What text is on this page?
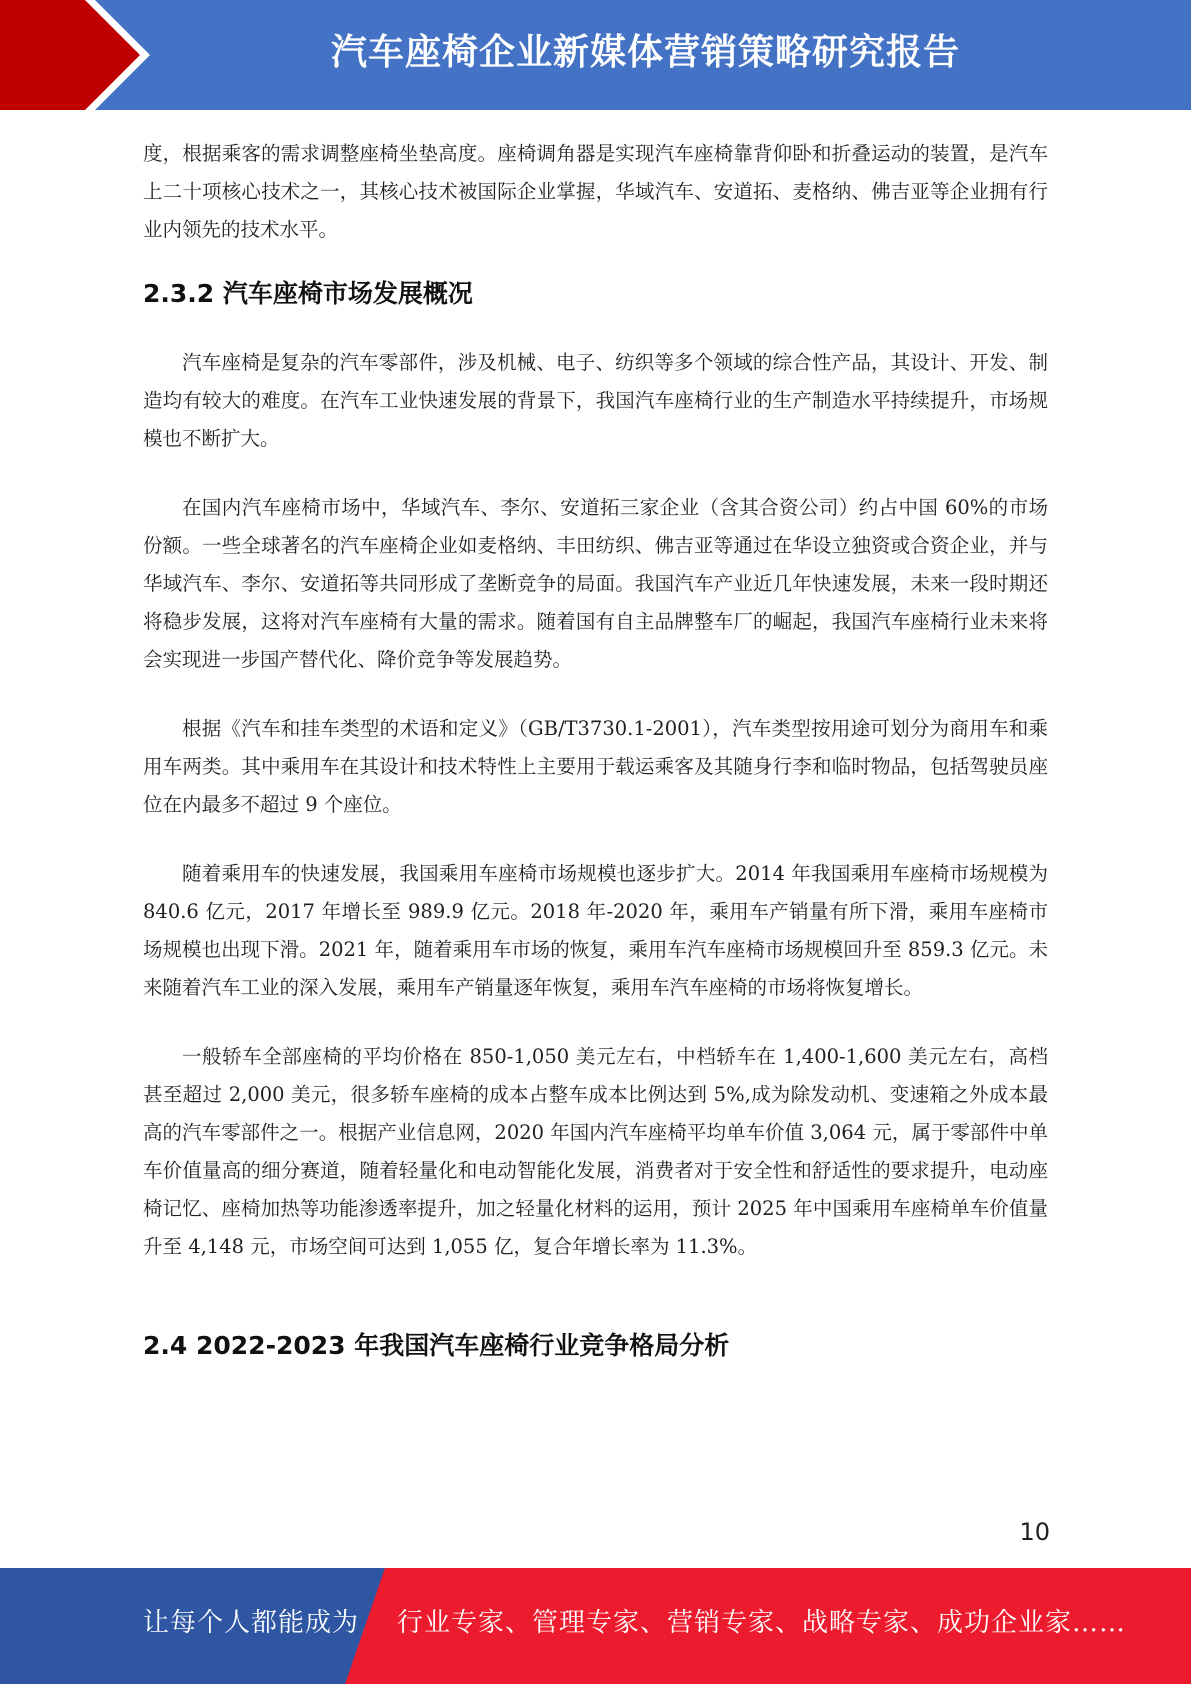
汽车座椅企业新媒体营销策略研究报告

度，根据乘客的需求调整座椅坐垫高度。座椅调角器是实现汽车座椅靠背仰卧和折叠运动的装置，是汽车上二十项核心技术之一，其核心技术被国际企业掌握，华域汽车、安道拓、麦格纳、佛吉亚等企业拥有行业内领先的技术水平。

2.3.2 汽车座椅市场发展概况

汽车座椅是复杂的汽车零部件，涉及机械、电子、纺织等多个领域的综合性产品，其设计、开发、制造均有较大的难度。在汽车工业快速发展的背景下，我国汽车座椅行业的生产制造水平持续提升，市场规模也不断扩大。

在国内汽车座椅市场中，华域汽车、李尔、安道拓三家企业（含其合资公司）约占中国 60%的市场份额。一些全球著名的汽车座椅企业如麦格纳、丰田纺织、佛吉亚等通过在华设立独资或合资企业，并与华域汽车、李尔、安道拓等共同形成了垄断竞争的局面。我国汽车产业近几年快速发展，未来一段时期还将稳步发展，这将对汽车座椅有大量的需求。随着国有自主品牌整车厂的崛起，我国汽车座椅行业未来将会实现进一步国产替代化、降价竞争等发展趋势。

根据《汽车和挂车类型的术语和定义》（GB/T3730.1-2001），汽车类型按用途可划分为商用车和乘用车两类。其中乘用车在其设计和技术特性上主要用于载运乘客及其随身行李和临时物品，包括驾驶员座位在内最多不超过 9 个座位。

随着乘用车的快速发展，我国乘用车座椅市场规模也逐步扩大。2014 年我国乘用车座椅市场规模为 840.6 亿元，2017 年增长至 989.9 亿元。2018 年-2020 年，乘用车产销量有所下滑，乘用车座椅市场规模也出现下滑。2021 年，随着乘用车市场的恢复，乘用车汽车座椅市场规模回升至 859.3 亿元。未来随着汽车工业的深入发展，乘用车产销量逐年恢复，乘用车汽车座椅的市场将恢复增长。

一般轿车全部座椅的平均价格在 850-1,050 美元左右，中档轿车在 1,400-1,600 美元左右，高档甚至超过 2,000 美元，很多轿车座椅的成本占整车成本比例达到 5%,成为除发动机、变速箱之外成本最高的汽车零部件之一。根据产业信息网，2020 年国内汽车座椅平均单车价值 3,064 元，属于零部件中单车价值量高的细分赛道，随着轻量化和电动智能化发展，消费者对于安全性和舒适性的要求提升，电动座椅记忆、座椅加热等功能渗透率提升，加之轻量化材料的运用，预计 2025 年中国乘用车座椅单车价值量升至 4,148 元，市场空间可达到 1,055 亿，复合年增长率为 11.3%。

2.4 2022-2023 年我国汽车座椅行业竞争格局分析
10
让每个人都能成为 行业专家、管理专家、营销专家、战略专家、成功企业家……
